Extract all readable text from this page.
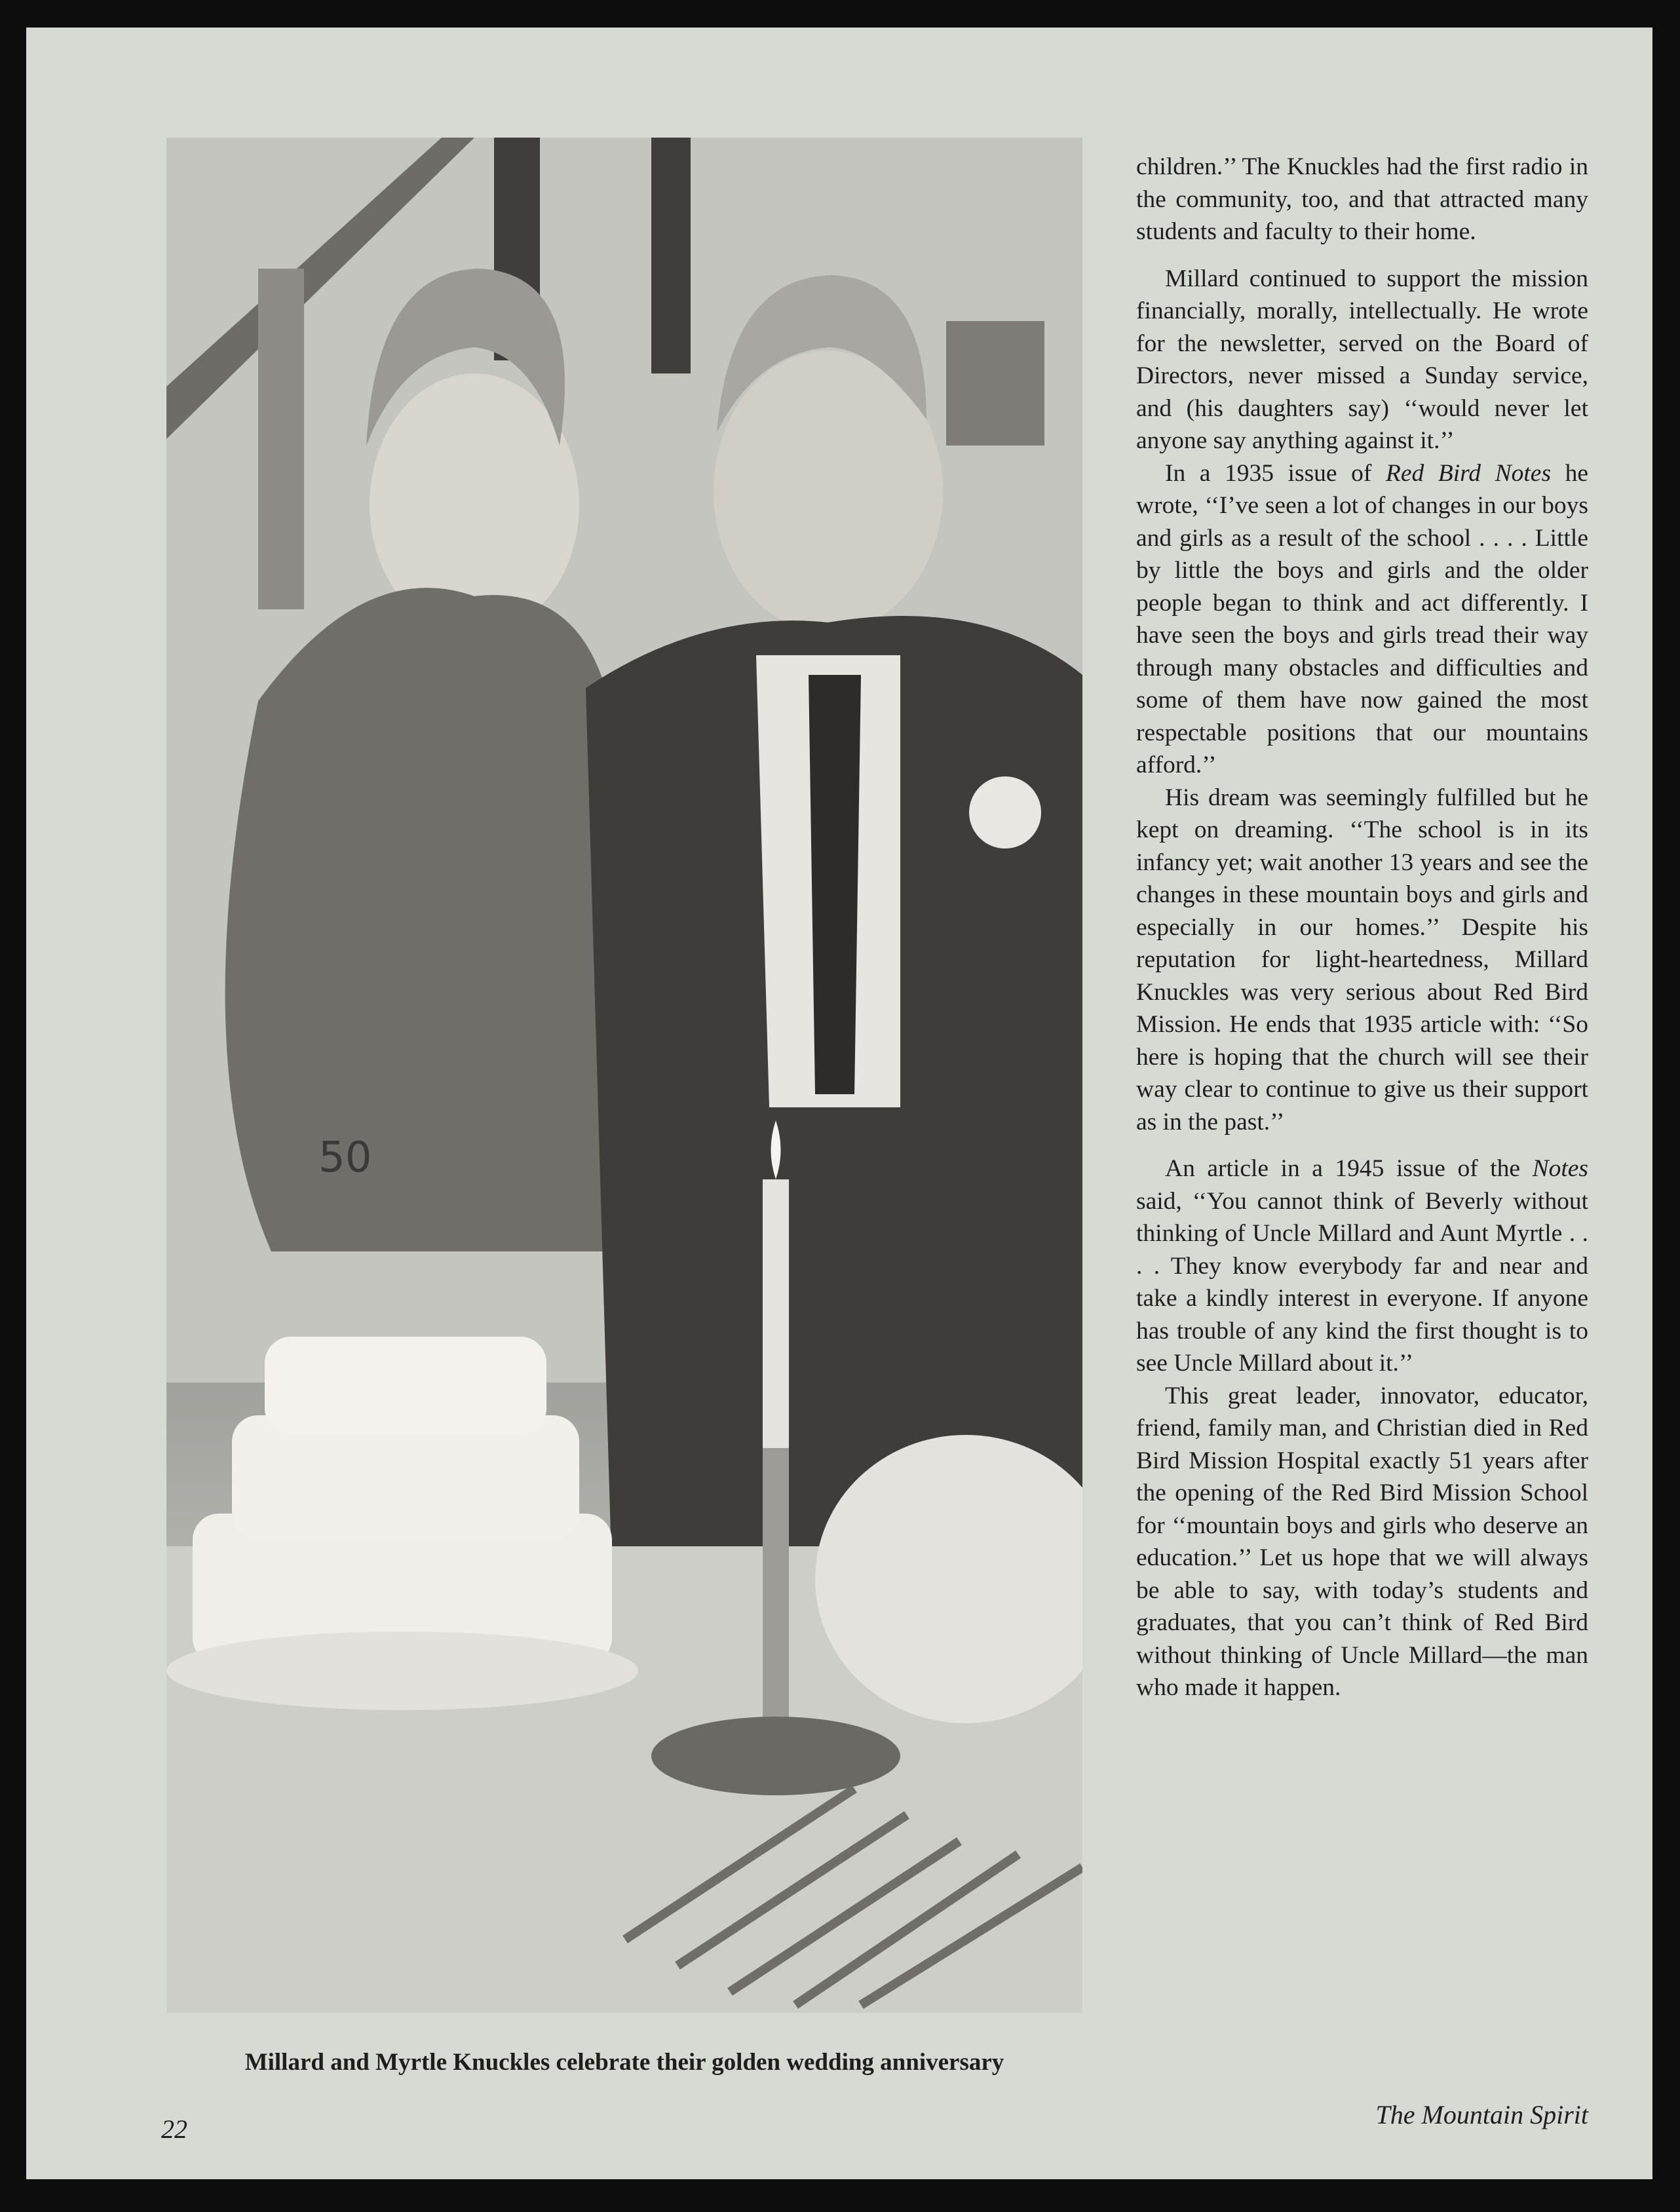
50
Millard and Myrtle Knuckles celebrate their golden wedding anniversary

children.’’ The Knuckles had the first radio in the community, too, and that attracted many students and faculty to their home.

Millard continued to support the mission financially, morally, intellectually. He wrote for the newsletter, served on the Board of Directors, never missed a Sunday service, and (his daughters say) ‘‘would never let anyone say anything against it.’’

In a 1935 issue of Red Bird Notes he wrote, ‘‘I’ve seen a lot of changes in our boys and girls as a result of the school . . . . Little by little the boys and girls and the older people began to think and act differently. I have seen the boys and girls tread their way through many obstacles and difficulties and some of them have now gained the most respectable positions that our mountains afford.’’

His dream was seemingly fulfilled but he kept on dreaming. ‘‘The school is in its infancy yet; wait another 13 years and see the changes in these mountain boys and girls and especially in our homes.’’ Despite his reputation for light-heartedness, Millard Knuckles was very serious about Red Bird Mission. He ends that 1935 article with: ‘‘So here is hoping that the church will see their way clear to continue to give us their support as in the past.’’

An article in a 1945 issue of the Notes said, ‘‘You cannot think of Beverly without thinking of Uncle Millard and Aunt Myrtle . . . . They know everybody far and near and take a kindly interest in everyone. If anyone has trouble of any kind the first thought is to see Uncle Millard about it.’’

This great leader, innovator, educator, friend, family man, and Christian died in Red Bird Mission Hospital exactly 51 years after the opening of the Red Bird Mission School for ‘‘mountain boys and girls who deserve an education.’’ Let us hope that we will always be able to say, with today’s students and graduates, that you can’t think of Red Bird without thinking of Uncle Millard—the man who made it happen.

22	The Mountain Spirit
